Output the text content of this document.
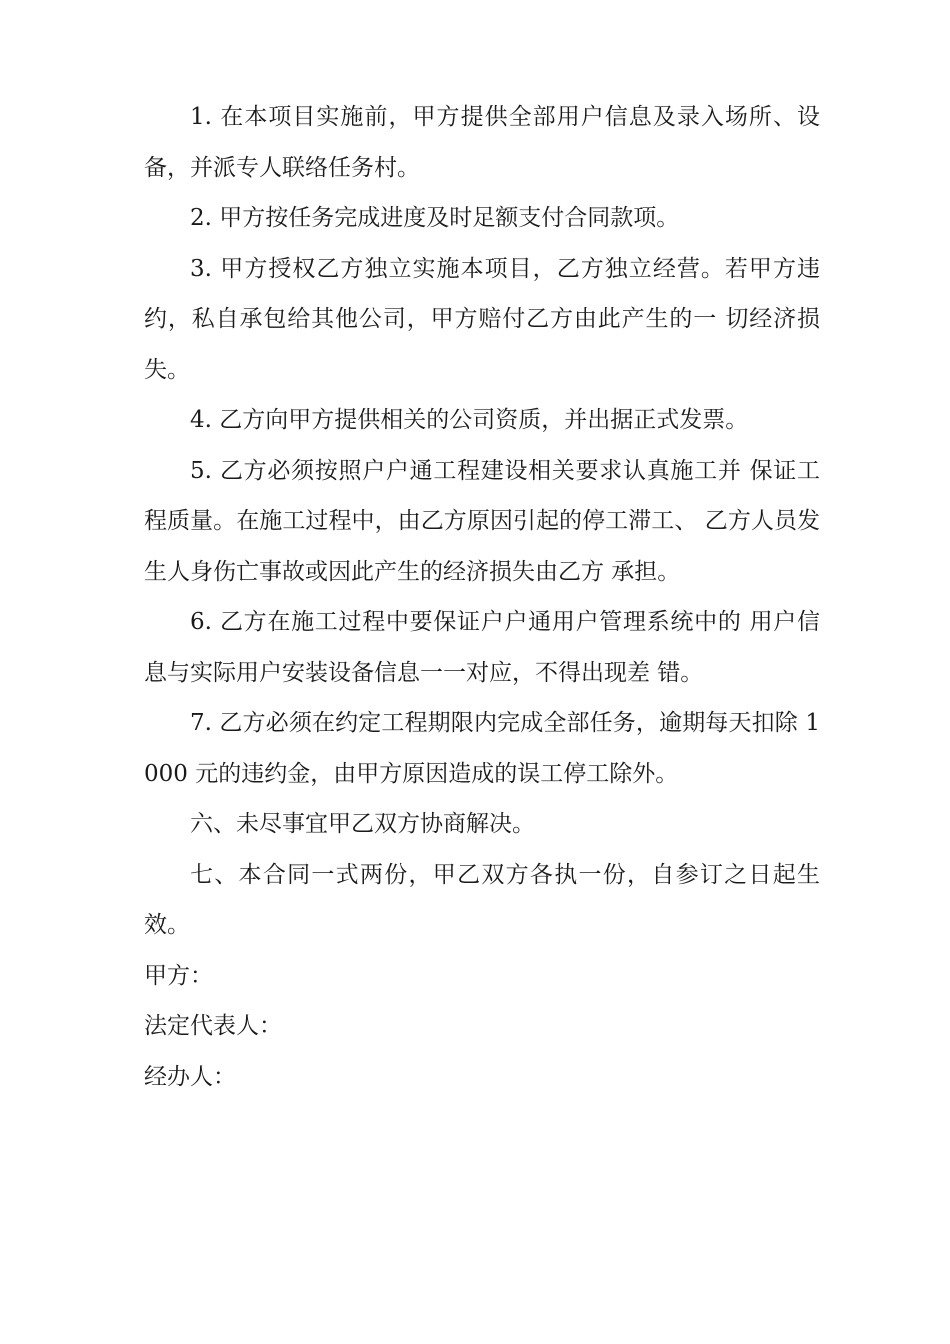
1. 在本项目实施前，甲方提供全部用户信息及录入场所、设备，并派专人联络任务村。

2. 甲方按任务完成进度及时足额支付合同款项。

3. 甲方授权乙方独立实施本项目，乙方独立经营。若甲方违约，私自承包给其他公司，甲方赔付乙方由此产生的一 切经济损失。

4. 乙方向甲方提供相关的公司资质，并出据正式发票。

5. 乙方必须按照户户通工程建设相关要求认真施工并 保证工程质量。在施工过程中，由乙方原因引起的停工滞工、 乙方人员发生人身伤亡事故或因此产生的经济损失由乙方 承担。

6. 乙方在施工过程中要保证户户通用户管理系统中的 用户信息与实际用户安装设备信息一一对应，不得出现差 错。

7. 乙方必须在约定工程期限内完成全部任务，逾期每天扣除 1000 元的违约金，由甲方原因造成的误工停工除外。

六、未尽事宜甲乙双方协商解决。

七、本合同一式两份，甲乙双方各执一份，自参订之日起生效。

甲方：

法定代表人：

经办人：
